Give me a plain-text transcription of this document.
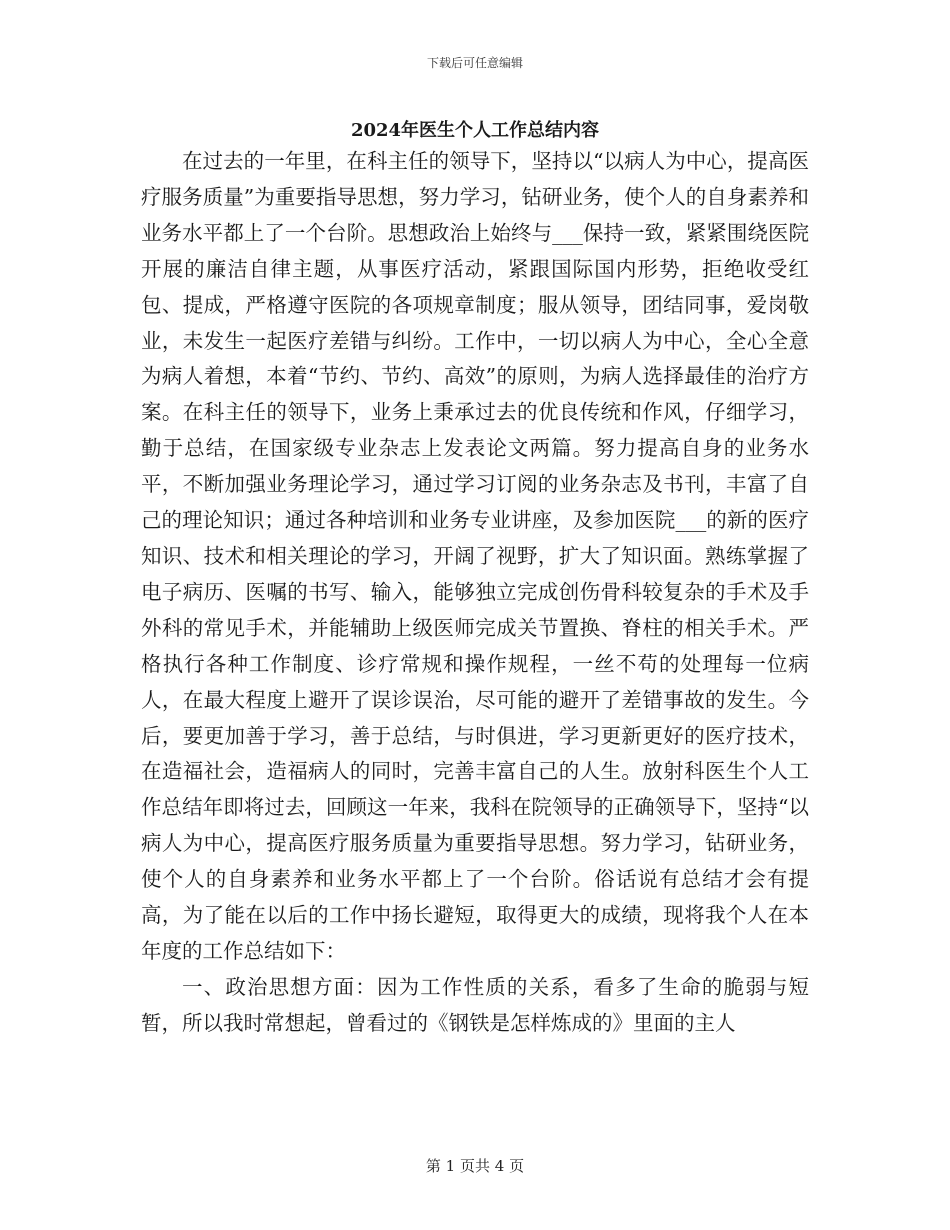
下载后可任意编辑
2024年医生个人工作总结内容

在过去的一年里，在科主任的领导下，坚持以“以病人为中心，提高医疗服务质量”为重要指导思想，努力学习，钻研业务，使个人的自身素养和业务水平都上了一个台阶。思想政治上始终与___保持一致，紧紧围绕医院开展的廉洁自律主题，从事医疗活动，紧跟国际国内形势，拒绝收受红包、提成，严格遵守医院的各项规章制度；服从领导，团结同事，爱岗敬业，未发生一起医疗差错与纠纷。工作中，一切以病人为中心，全心全意为病人着想，本着“节约、节约、高效”的原则，为病人选择最佳的治疗方案。在科主任的领导下，业务上秉承过去的优良传统和作风，仔细学习，勤于总结，在国家级专业杂志上发表论文两篇。努力提高自身的业务水平，不断加强业务理论学习，通过学习订阅的业务杂志及书刊，丰富了自己的理论知识；通过各种培训和业务专业讲座，及参加医院___的新的医疗知识、技术和相关理论的学习，开阔了视野，扩大了知识面。熟练掌握了电子病历、医嘱的书写、输入，能够独立完成创伤骨科较复杂的手术及手外科的常见手术，并能辅助上级医师完成关节置换、脊柱的相关手术。严格执行各种工作制度、诊疗常规和操作规程，一丝不苟的处理每一位病人，在最大程度上避开了误诊误治，尽可能的避开了差错事故的发生。今后，要更加善于学习，善于总结，与时俱进，学习更新更好的医疗技术，在造福社会，造福病人的同时，完善丰富自己的人生。放射科医生个人工作总结年即将过去，回顾这一年来，我科在院领导的正确领导下，坚持“以病人为中心，提高医疗服务质量为重要指导思想。努力学习，钻研业务，使个人的自身素养和业务水平都上了一个台阶。俗话说有总结才会有提高，为了能在以后的工作中扬长避短，取得更大的成绩，现将我个人在本年度的工作总结如下：

一、政治思想方面：因为工作性质的关系，看多了生命的脆弱与短暂，所以我时常想起，曾看过的《钢铁是怎样炼成的》里面的主人

第 1 页共 4 页
